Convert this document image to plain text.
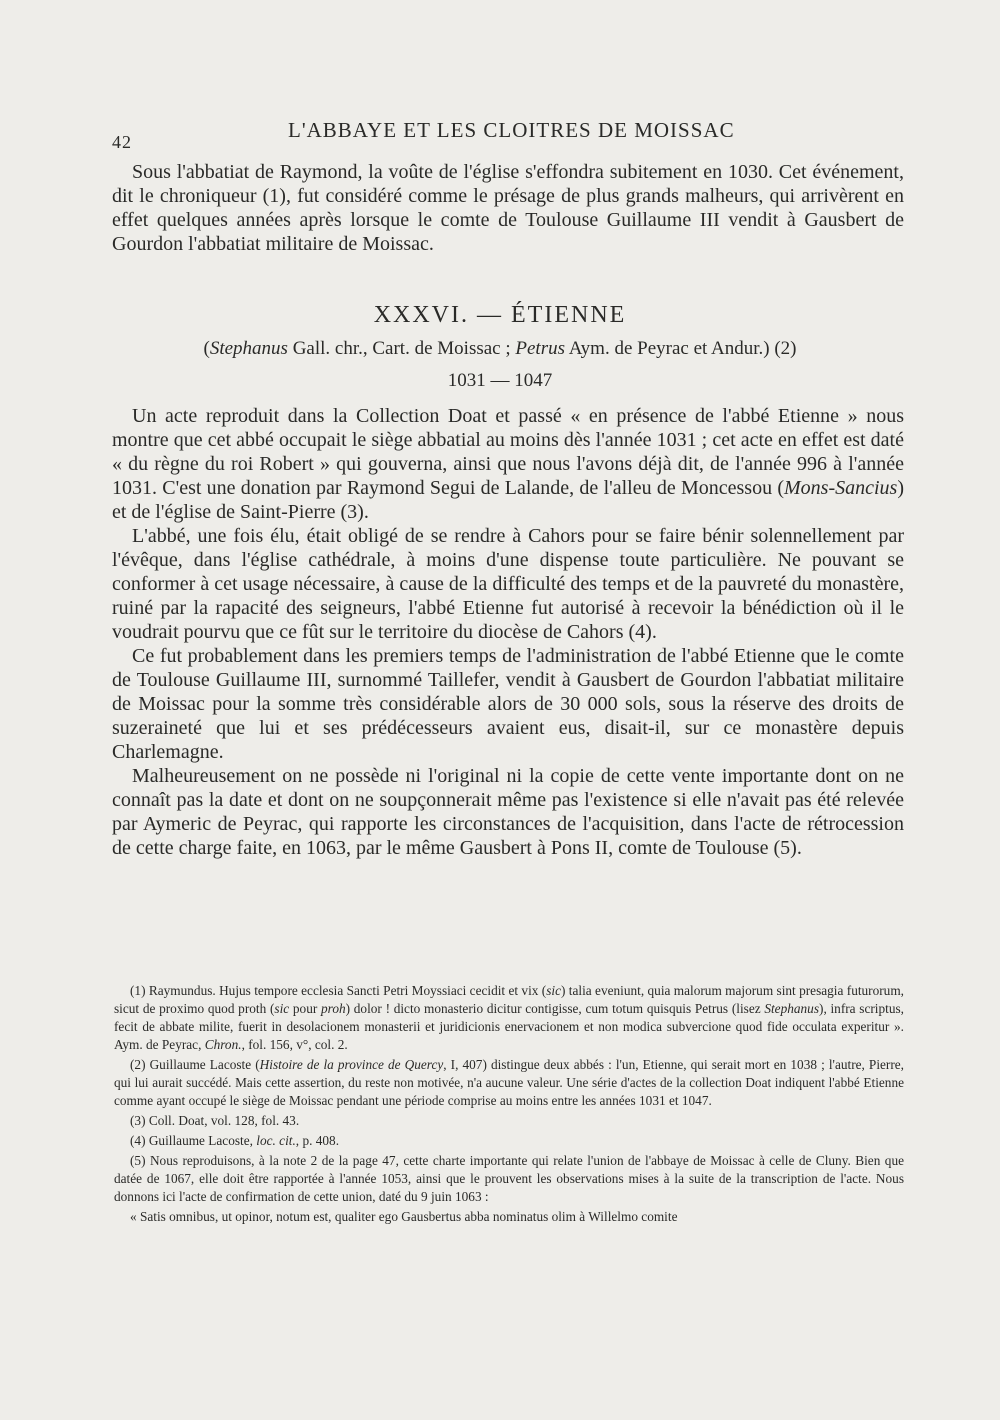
42	L'ABBAYE ET LES CLOITRES DE MOISSAC

Sous l'abbatiat de Raymond, la voûte de l'église s'effondra subitement en 1030. Cet événement, dit le chroniqueur (1), fut considéré comme le présage de plus grands malheurs, qui arrivèrent en effet quelques années après lorsque le comte de Toulouse Guillaume III vendit à Gausbert de Gourdon l'abbatiat militaire de Moissac.

XXXVI. — ÉTIENNE
(Stephanus Gall. chr., Cart. de Moissac ; Petrus Aym. de Peyrac et Andur.) (2)
1031 — 1047

Un acte reproduit dans la Collection Doat et passé « en présence de l'abbé Etienne » nous montre que cet abbé occupait le siège abbatial au moins dès l'année 1031 ; cet acte en effet est daté « du règne du roi Robert » qui gouverna, ainsi que nous l'avons déjà dit, de l'année 996 à l'année 1031. C'est une donation par Raymond Segui de Lalande, de l'alleu de Moncessou (Mons-Sancius) et de l'église de Saint-Pierre (3).

L'abbé, une fois élu, était obligé de se rendre à Cahors pour se faire bénir solennellement par l'évêque, dans l'église cathédrale, à moins d'une dispense toute particulière. Ne pouvant se conformer à cet usage nécessaire, à cause de la difficulté des temps et de la pauvreté du monastère, ruiné par la rapacité des seigneurs, l'abbé Etienne fut autorisé à recevoir la bénédiction où il le voudrait pourvu que ce fût sur le territoire du diocèse de Cahors (4).

Ce fut probablement dans les premiers temps de l'administration de l'abbé Etienne que le comte de Toulouse Guillaume III, surnommé Taillefer, vendit à Gausbert de Gourdon l'abbatiat militaire de Moissac pour la somme très considérable alors de 30 000 sols, sous la réserve des droits de suzeraineté que lui et ses prédécesseurs avaient eus, disait-il, sur ce monastère depuis Charlemagne.

Malheureusement on ne possède ni l'original ni la copie de cette vente importante dont on ne connaît pas la date et dont on ne soupçonnerait même pas l'existence si elle n'avait pas été relevée par Aymeric de Peyrac, qui rapporte les circonstances de l'acquisition, dans l'acte de rétrocession de cette charge faite, en 1063, par le même Gausbert à Pons II, comte de Toulouse (5).

(1) Raymundus. Hujus tempore ecclesia Sancti Petri Moyssiaci cecidit et vix (sic) talia eveniunt, quia malorum majorum sint presagia futurorum, sicut de proximo quod proth (sic pour proh) dolor ! dicto monasterio dicitur contigisse, cum totum quisquis Petrus (lisez Stephanus), infra scriptus, fecit de abbate milite, fuerit in desolacionem monasterii et juridicionis enervacionem et non modica subvercione quod fide occulata experitur ». Aym. de Peyrac, Chron., fol. 156, v°, col. 2.

(2) Guillaume Lacoste (Histoire de la province de Quercy, I, 407) distingue deux abbés : l'un, Etienne, qui serait mort en 1038 ; l'autre, Pierre, qui lui aurait succédé. Mais cette assertion, du reste non motivée, n'a aucune valeur. Une série d'actes de la collection Doat indiquent l'abbé Etienne comme ayant occupé le siège de Moissac pendant une période comprise au moins entre les années 1031 et 1047.

(3) Coll. Doat, vol. 128, fol. 43.

(4) Guillaume Lacoste, loc. cit., p. 408.

(5) Nous reproduisons, à la note 2 de la page 47, cette charte importante qui relate l'union de l'abbaye de Moissac à celle de Cluny. Bien que datée de 1067, elle doit être rapportée à l'année 1053, ainsi que le prouvent les observations mises à la suite de la transcription de l'acte. Nous donnons ici l'acte de confirmation de cette union, daté du 9 juin 1063 :

« Satis omnibus, ut opinor, notum est, qualiter ego Gausbertus abba nominatus olim à Willelmo comite
